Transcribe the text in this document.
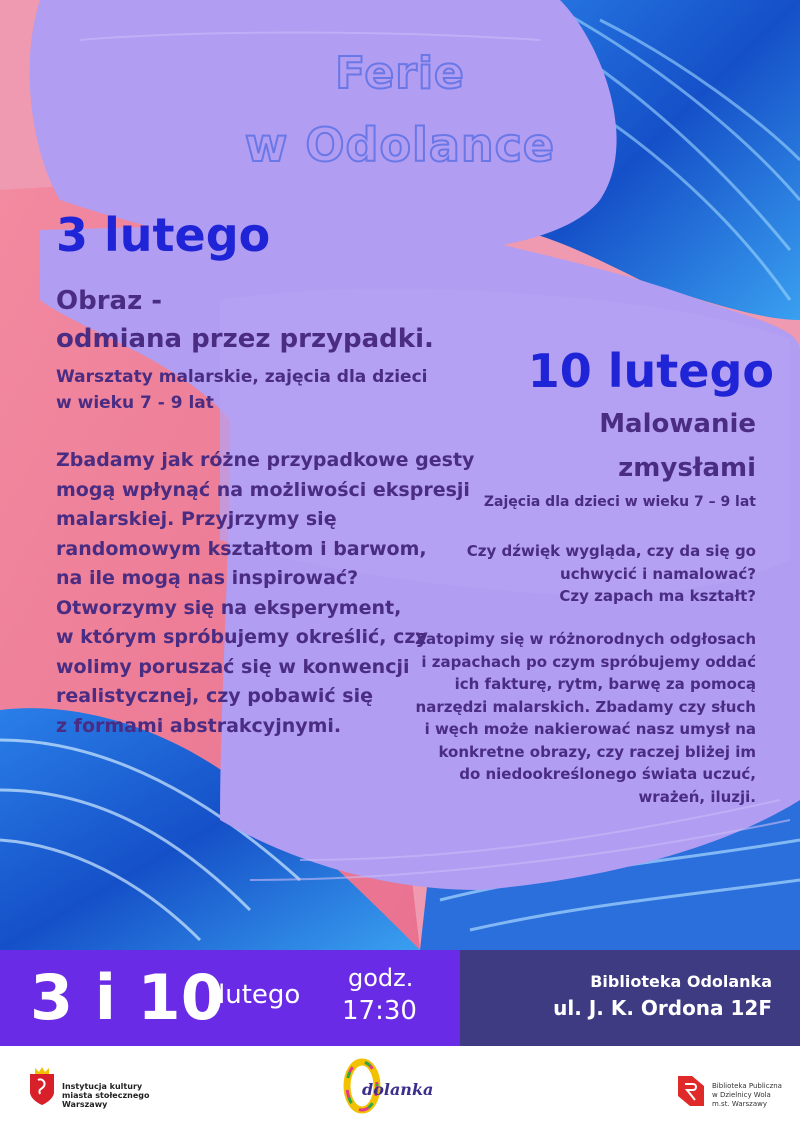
Ferie
w Odolance
3 lutego
Obraz -
odmiana przez przypadki.
Warsztaty malarskie, zajęcia dla dzieci
w wieku 7 - 9 lat
Zbadamy jak różne przypadkowe gesty
mogą wpłynąć na możliwości ekspresji
malarskiej. Przyjrzymy się
randomowym kształtom i barwom,
na ile mogą nas inspirować?
Otworzymy się na eksperyment,
w którym spróbujemy określić, czy
wolimy poruszać się w konwencji
realistycznej, czy pobawić się
z formami abstrakcyjnymi.
10 lutego
Malowanie
zmysłami
Zajęcia dla dzieci w wieku 7 – 9 lat
Czy dźwięk wygląda, czy da się go
uchwycić i namalować?
Czy zapach ma kształt?
Zatopimy się w różnorodnych odgłosach
i zapachach po czym spróbujemy oddać
ich fakturę, rytm, barwę za pomocą
narzędzi malarskich. Zbadamy czy słuch
i węch może nakierować nasz umysł na
konkretne obrazy, czy raczej bliżej im
do niedookreślonego świata uczuć,
wrażeń, iluzji.
3 i 10
lutego
godz.
17:30
Biblioteka Odolanka
ul. J. K. Ordona 12F
Instytucja kultury
miasta stołecznego
Warszawy
dolanka	Biblioteka Publiczna
w Dzielnicy Wola
m.st. Warszawy
